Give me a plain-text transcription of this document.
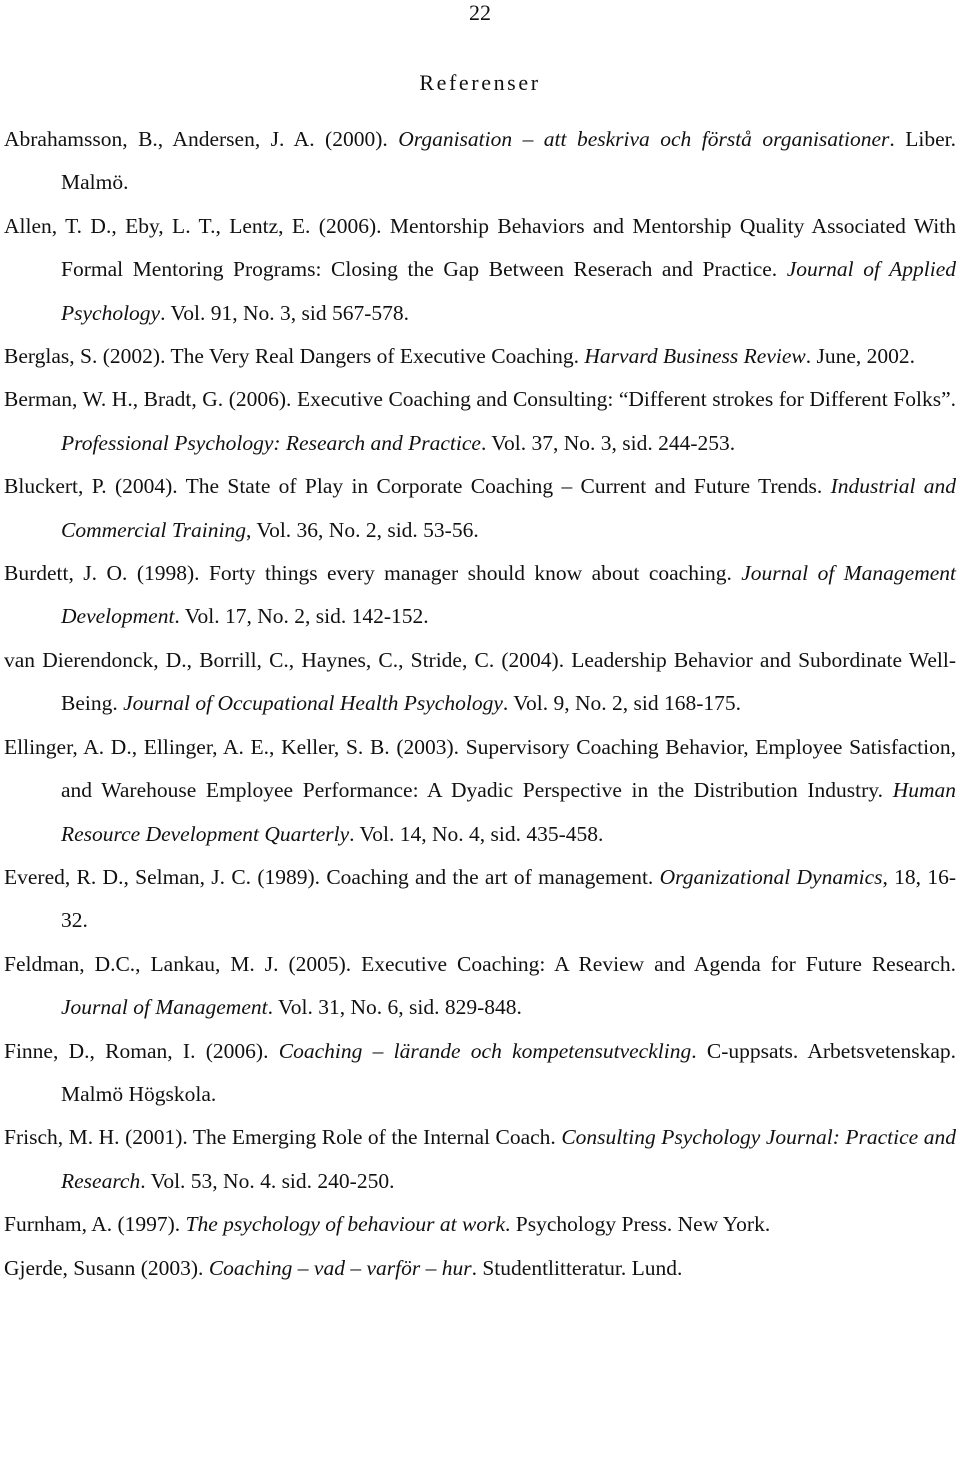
22
Referenser
Abrahamsson, B., Andersen, J. A. (2000). Organisation – att beskriva och förstå organisationer. Liber. Malmö.
Allen, T. D., Eby, L. T., Lentz, E. (2006). Mentorship Behaviors and Mentorship Quality Associated With Formal Mentoring Programs: Closing the Gap Between Reserach and Practice. Journal of Applied Psychology. Vol. 91, No. 3, sid 567-578.
Berglas, S. (2002). The Very Real Dangers of Executive Coaching. Harvard Business Review. June, 2002.
Berman, W. H., Bradt, G. (2006). Executive Coaching and Consulting: “Different strokes for Different Folks”. Professional Psychology: Research and Practice. Vol. 37, No. 3, sid. 244-253.
Bluckert, P. (2004). The State of Play in Corporate Coaching – Current and Future Trends. Industrial and Commercial Training, Vol. 36, No. 2, sid. 53-56.
Burdett, J. O. (1998). Forty things every manager should know about coaching. Journal of Management Development. Vol. 17, No. 2, sid. 142-152.
van Dierendonck, D., Borrill, C., Haynes, C., Stride, C. (2004). Leadership Behavior and Subordinate Well-Being. Journal of Occupational Health Psychology. Vol. 9, No. 2, sid 168-175.
Ellinger, A. D., Ellinger, A. E., Keller, S. B. (2003). Supervisory Coaching Behavior, Employee Satisfaction, and Warehouse Employee Performance: A Dyadic Perspective in the Distribution Industry. Human Resource Development Quarterly. Vol. 14, No. 4, sid. 435-458.
Evered, R. D., Selman, J. C. (1989). Coaching and the art of management. Organizational Dynamics, 18, 16-32.
Feldman, D.C., Lankau, M. J. (2005). Executive Coaching: A Review and Agenda for Future Research. Journal of Management. Vol. 31, No. 6, sid. 829-848.
Finne, D., Roman, I. (2006). Coaching – lärande och kompetensutveckling. C-uppsats. Arbetsvetenskap. Malmö Högskola.
Frisch, M. H. (2001). The Emerging Role of the Internal Coach. Consulting Psychology Journal: Practice and Research. Vol. 53, No. 4. sid. 240-250.
Furnham, A. (1997). The psychology of behaviour at work. Psychology Press. New York.
Gjerde, Susann (2003). Coaching – vad – varför – hur. Studentlitteratur. Lund.
